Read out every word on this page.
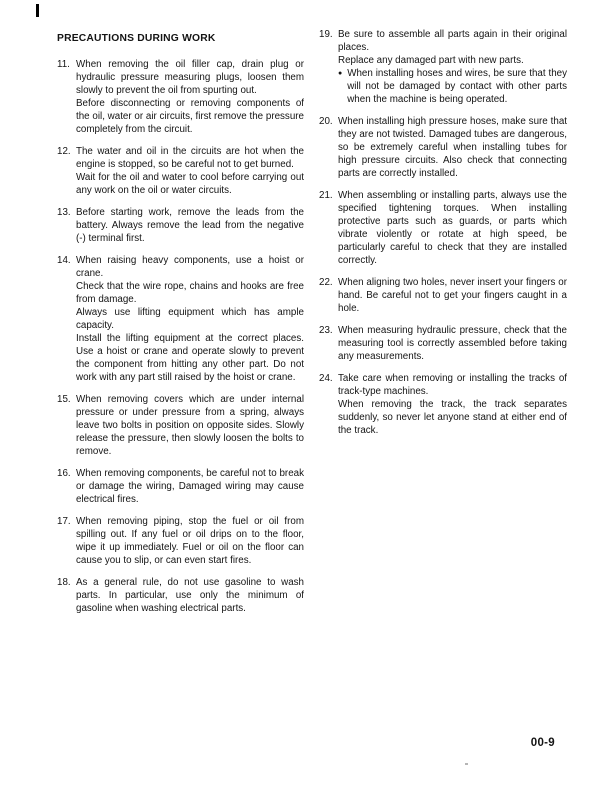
PRECAUTIONS DURING WORK
11. When removing the oil filler cap, drain plug or hydraulic pressure measuring plugs, loosen them slowly to prevent the oil from spurting out.

Before disconnecting or removing components of the oil, water or air circuits, first remove the pressure completely from the circuit.

12. The water and oil in the circuits are hot when the engine is stopped, so be careful not to get burned.

Wait for the oil and water to cool before carrying out any work on the oil or water circuits.

13. Before starting work, remove the leads from the battery. Always remove the lead from the negative (-) terminal first.

14. When raising heavy components, use a hoist or crane.

Check that the wire rope, chains and hooks are free from damage.

Always use lifting equipment which has ample capacity.

Install the lifting equipment at the correct places. Use a hoist or crane and operate slowly to prevent the component from hitting any other part. Do not work with any part still raised by the hoist or crane.

15. When removing covers which are under internal pressure or under pressure from a spring, always leave two bolts in position on opposite sides. Slowly release the pressure, then slowly loosen the bolts to remove.

16. When removing components, be careful not to break or damage the wiring, Damaged wiring may cause electrical fires.

17. When removing piping, stop the fuel or oil from spilling out. If any fuel or oil drips on to the floor, wipe it up immediately. Fuel or oil on the floor can cause you to slip, or can even start fires.

18. As a general rule, do not use gasoline to wash parts. In particular, use only the minimum of gasoline when washing electrical parts.

19. Be sure to assemble all parts again in their original places.

Replace any damaged part with new parts.

● When installing hoses and wires, be sure that they will not be damaged by contact with other parts when the machine is being operated.

20. When installing high pressure hoses, make sure that they are not twisted. Damaged tubes are dangerous, so be extremely careful when installing tubes for high pressure circuits. Also check that connecting parts are correctly installed.

21. When assembling or installing parts, always use the specified tightening torques. When installing protective parts such as guards, or parts which vibrate violently or rotate at high speed, be particularly careful to check that they are installed correctly.

22. When aligning two holes, never insert your fingers or hand. Be careful not to get your fingers caught in a hole.

23. When measuring hydraulic pressure, check that the measuring tool is correctly assembled before taking any measurements.

24. Take care when removing or installing the tracks of track-type machines.

When removing the track, the track separates suddenly, so never let anyone stand at either end of the track.

00-9
